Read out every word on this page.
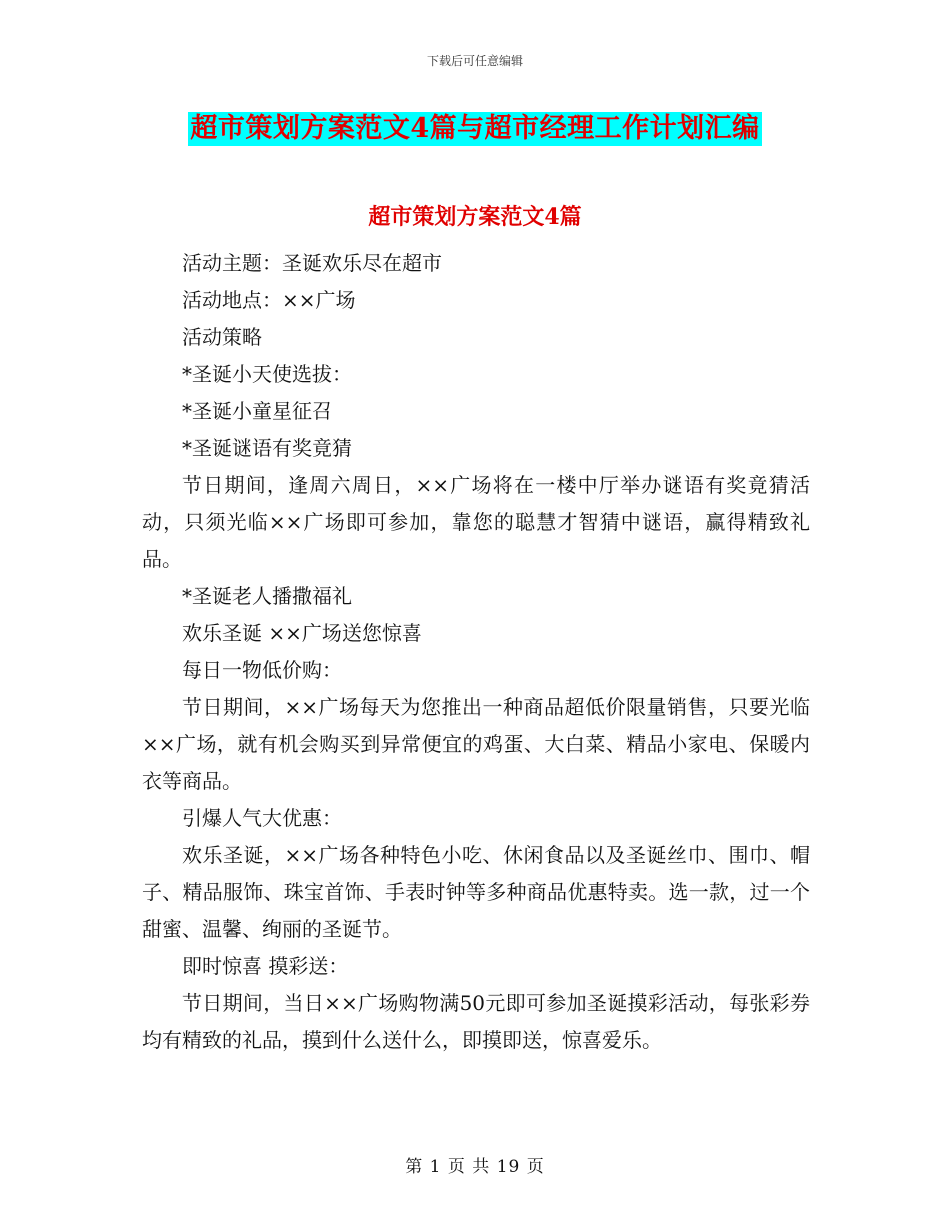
下载后可任意编辑
超市策划方案范文4篇与超市经理工作计划汇编
超市策划方案范文4篇

活动主题：圣诞欢乐尽在超市

活动地点：××广场

活动策略

*圣诞小天使选拔：

*圣诞小童星征召

*圣诞谜语有奖竟猜

节日期间，逢周六周日，××广场将在一楼中厅举办谜语有奖竟猜活动，只须光临××广场即可参加，靠您的聪慧才智猜中谜语，赢得精致礼品。

*圣诞老人播撒福礼

欢乐圣诞 ××广场送您惊喜

每日一物低价购：

节日期间，××广场每天为您推出一种商品超低价限量销售，只要光临××广场，就有机会购买到异常便宜的鸡蛋、大白菜、精品小家电、保暖内衣等商品。

引爆人气大优惠：

欢乐圣诞，××广场各种特色小吃、休闲食品以及圣诞丝巾、围巾、帽子、精品服饰、珠宝首饰、手表时钟等多种商品优惠特卖。选一款，过一个甜蜜、温馨、绚丽的圣诞节。

即时惊喜 摸彩送：

节日期间，当日××广场购物满50元即可参加圣诞摸彩活动，每张彩券均有精致的礼品，摸到什么送什么，即摸即送，惊喜爱乐。

第 1 页 共 19 页
